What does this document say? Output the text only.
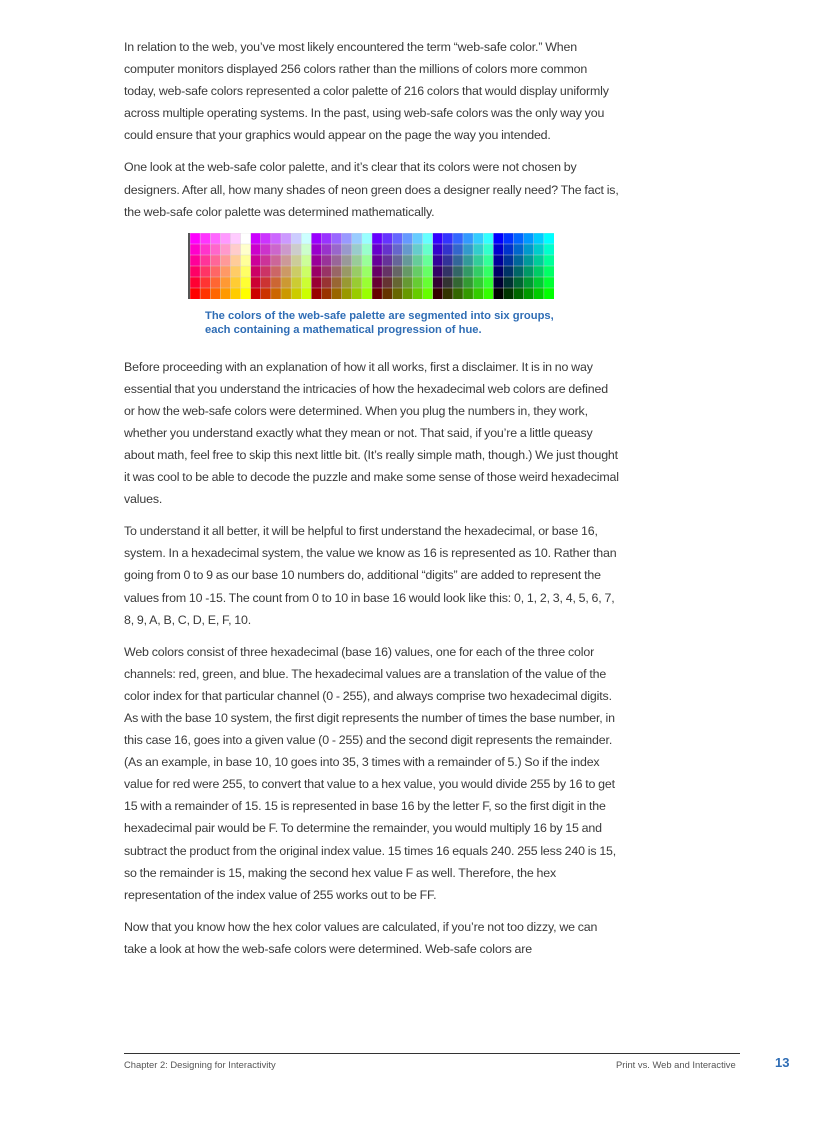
In relation to the web, you’ve most likely encountered the term “web-safe color.” When computer monitors displayed 256 colors rather than the millions of colors more common today, web-safe colors represented a color palette of 216 colors that would display uniformly across multiple operating systems. In the past, using web-safe colors was the only way you could ensure that your graphics would appear on the page the way you intended.

One look at the web-safe color palette, and it’s clear that its colors were not chosen by designers. After all, how many shades of neon green does a designer really need? The fact is, the web-safe color palette was determined mathematically.

The colors of the web-safe palette are segmented into six groups, each containing a mathematical progression of hue.

Before proceeding with an explanation of how it all works, first a disclaimer. It is in no way essential that you understand the intricacies of how the hexadecimal web colors are defined or how the web-safe colors were determined. When you plug the numbers in, they work, whether you understand exactly what they mean or not. That said, if you’re a little queasy about math, feel free to skip this next little bit. (It’s really simple math, though.) We just thought it was cool to be able to decode the puzzle and make some sense of those weird hexadecimal values.

To understand it all better, it will be helpful to first understand the hexadecimal, or base 16, system. In a hexadecimal system, the value we know as 16 is represented as 10. Rather than going from 0 to 9 as our base 10 numbers do, additional “digits” are added to represent the values from 10 -15. The count from 0 to 10 in base 16 would look like this: 0, 1, 2, 3, 4, 5, 6, 7, 8, 9, A, B, C, D, E, F, 10.

Web colors consist of three hexadecimal (base 16) values, one for each of the three color channels: red, green, and blue. The hexadecimal values are a translation of the value of the color index for that particular channel (0 - 255), and always comprise two hexadecimal digits. As with the base 10 system, the first digit represents the number of times the base number, in this case 16, goes into a given value (0 - 255) and the second digit represents the remainder. (As an example, in base 10, 10 goes into 35, 3 times with a remainder of 5.) So if the index value for red were 255, to convert that value to a hex value, you would divide 255 by 16 to get 15 with a remainder of 15. 15 is represented in base 16 by the letter F, so the first digit in the hexadecimal pair would be F. To determine the remainder, you would multiply 16 by 15 and subtract the product from the original index value. 15 times 16 equals 240. 255 less 240 is 15, so the remainder is 15, making the second hex value F as well. Therefore, the hex representation of the index value of 255 works out to be FF.

Now that you know how the hex color values are calculated, if you’re not too dizzy, we can take a look at how the web-safe colors were determined. Web-safe colors are

Chapter 2: Designing for Interactivity	Print vs. Web and Interactive	13
